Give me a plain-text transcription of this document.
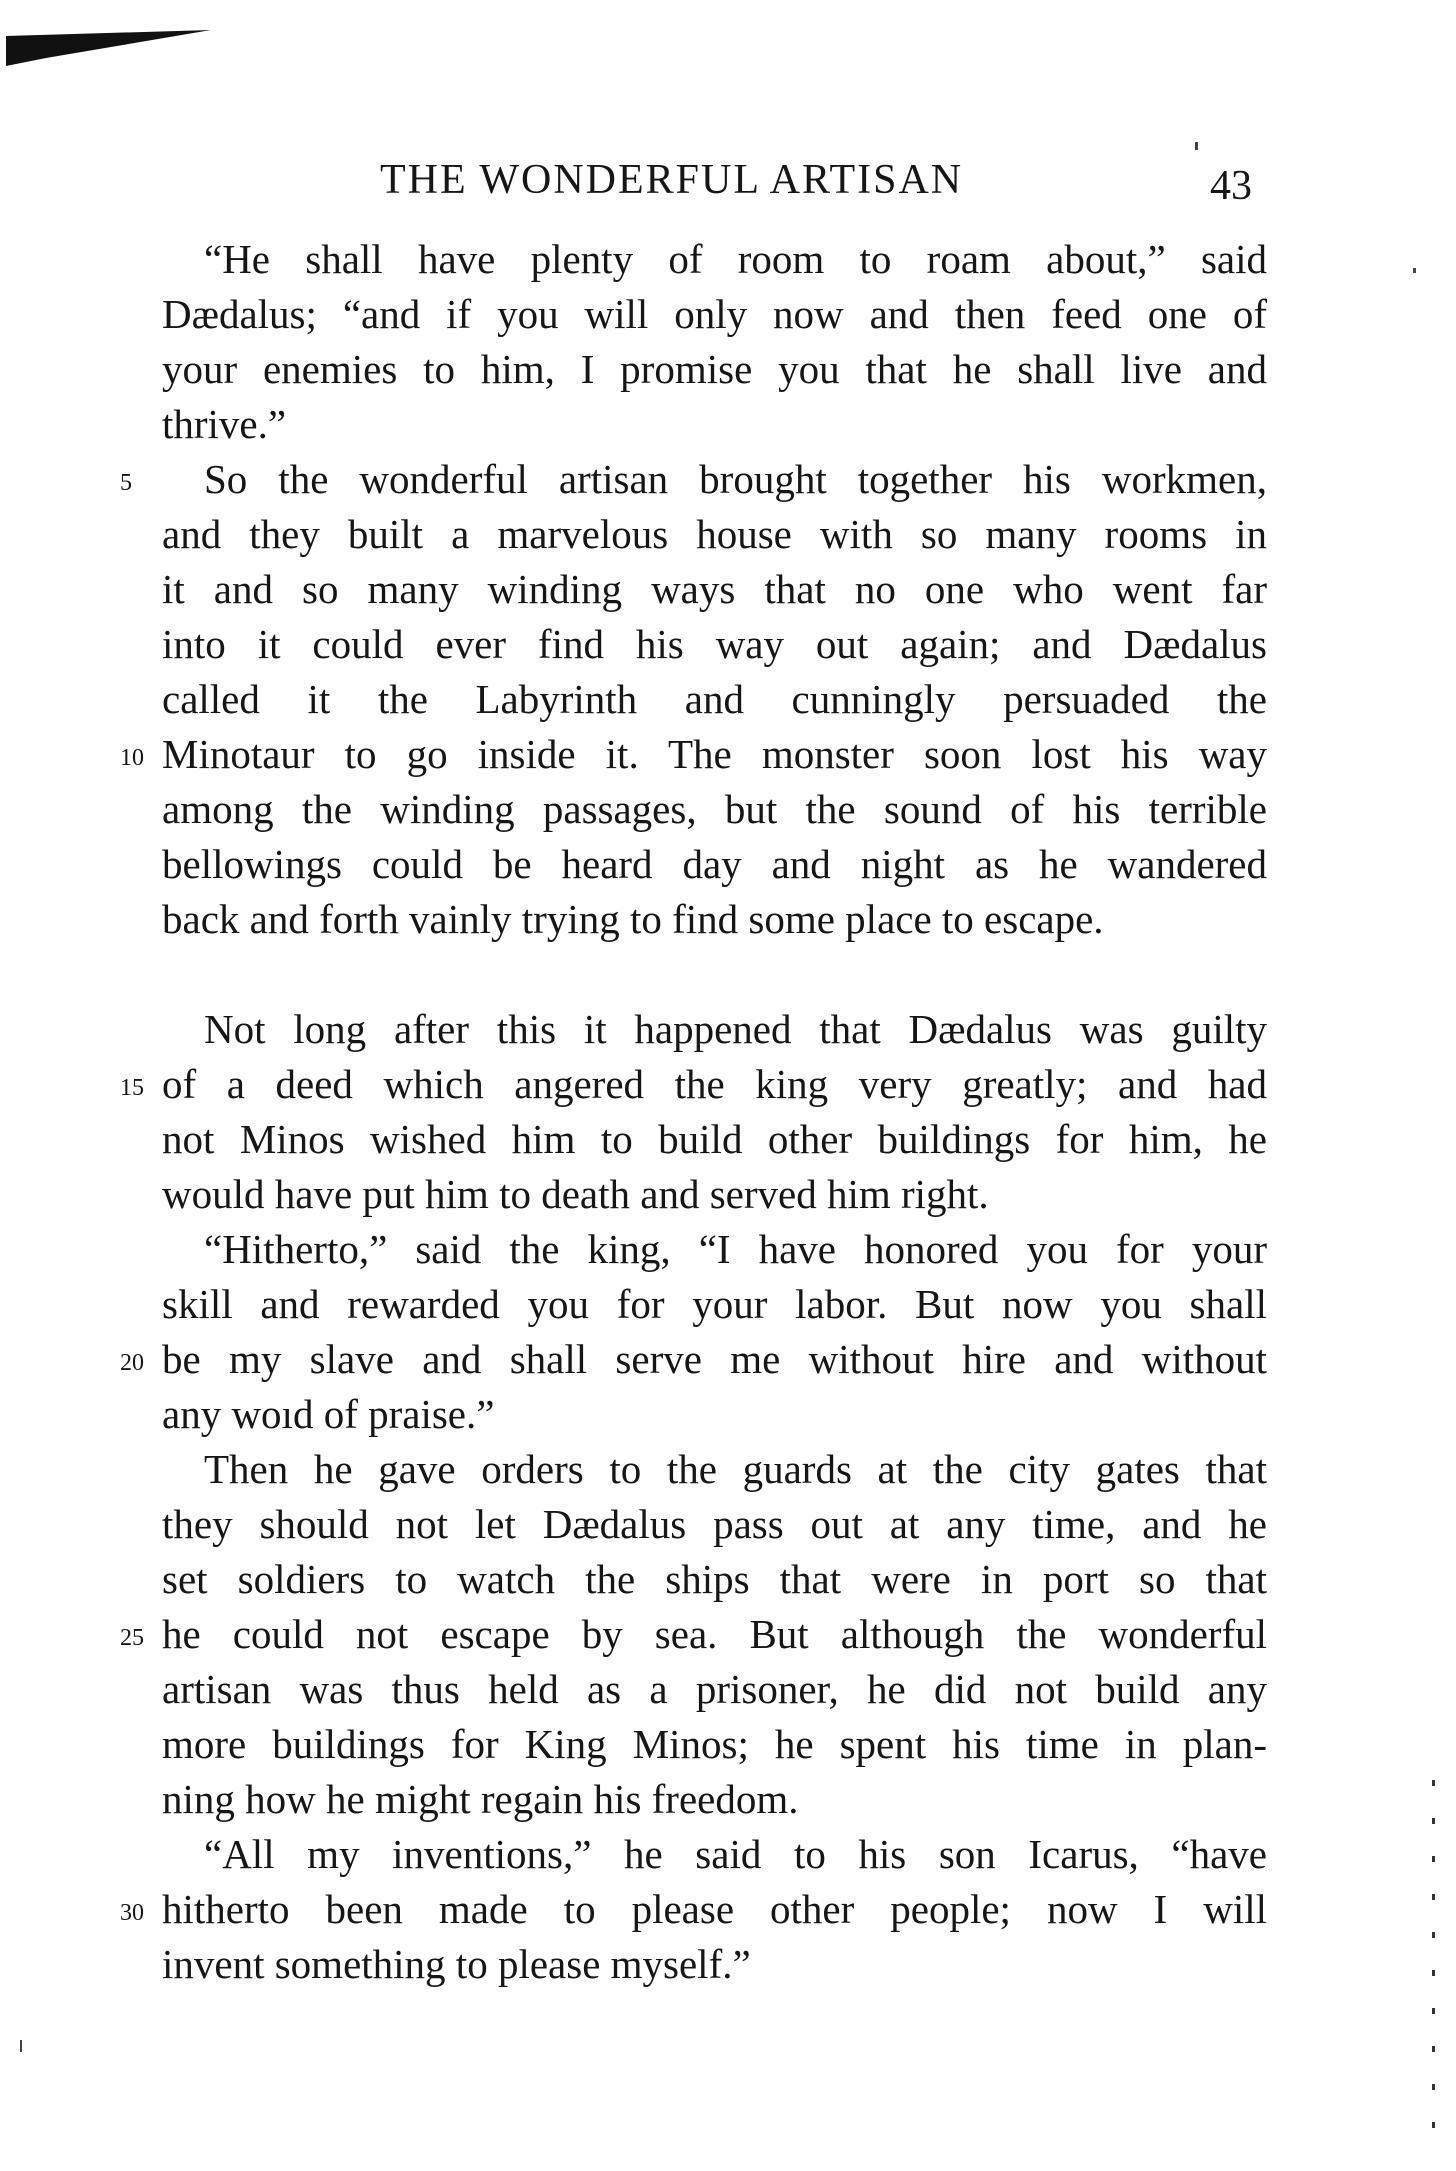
THE WONDERFUL ARTISAN	43
“He shall have plenty of room to roam about,” said
Dædalus; “and if you will only now and then feed one of
your enemies to him, I promise you that he shall live and
thrive.”
5	So the wonderful artisan brought together his workmen,
and they built a marvelous house with so many rooms in
it and so many winding ways that no one who went far
into it could ever find his way out again; and Dædalus
called it the Labyrinth and cunningly persuaded the
10 Minotaur to go inside it. The monster soon lost his way
among the winding passages, but the sound of his terrible
bellowings could be heard day and night as he wandered
back and forth vainly trying to find some place to escape.
Not long after this it happened that Dædalus was guilty
15 of a deed which angered the king very greatly; and had
not Minos wished him to build other buildings for him, he
would have put him to death and served him right.
“Hitherto,” said the king, “I have honored you for your
skill and rewarded you for your labor. But now you shall
20 be my slave and shall serve me without hire and without
any woıd of praise.”
Then he gave orders to the guards at the city gates that
they should not let Dædalus pass out at any time, and he
set soldiers to watch the ships that were in port so that
25 he could not escape by sea. But although the wonderful
artisan was thus held as a prisoner, he did not build any
more buildings for King Minos; he spent his time in plan-
ning how he might regain his freedom.
“All my inventions,” he said to his son Icarus, “have
30 hitherto been made to please other people; now I will
invent something to please myself.”
